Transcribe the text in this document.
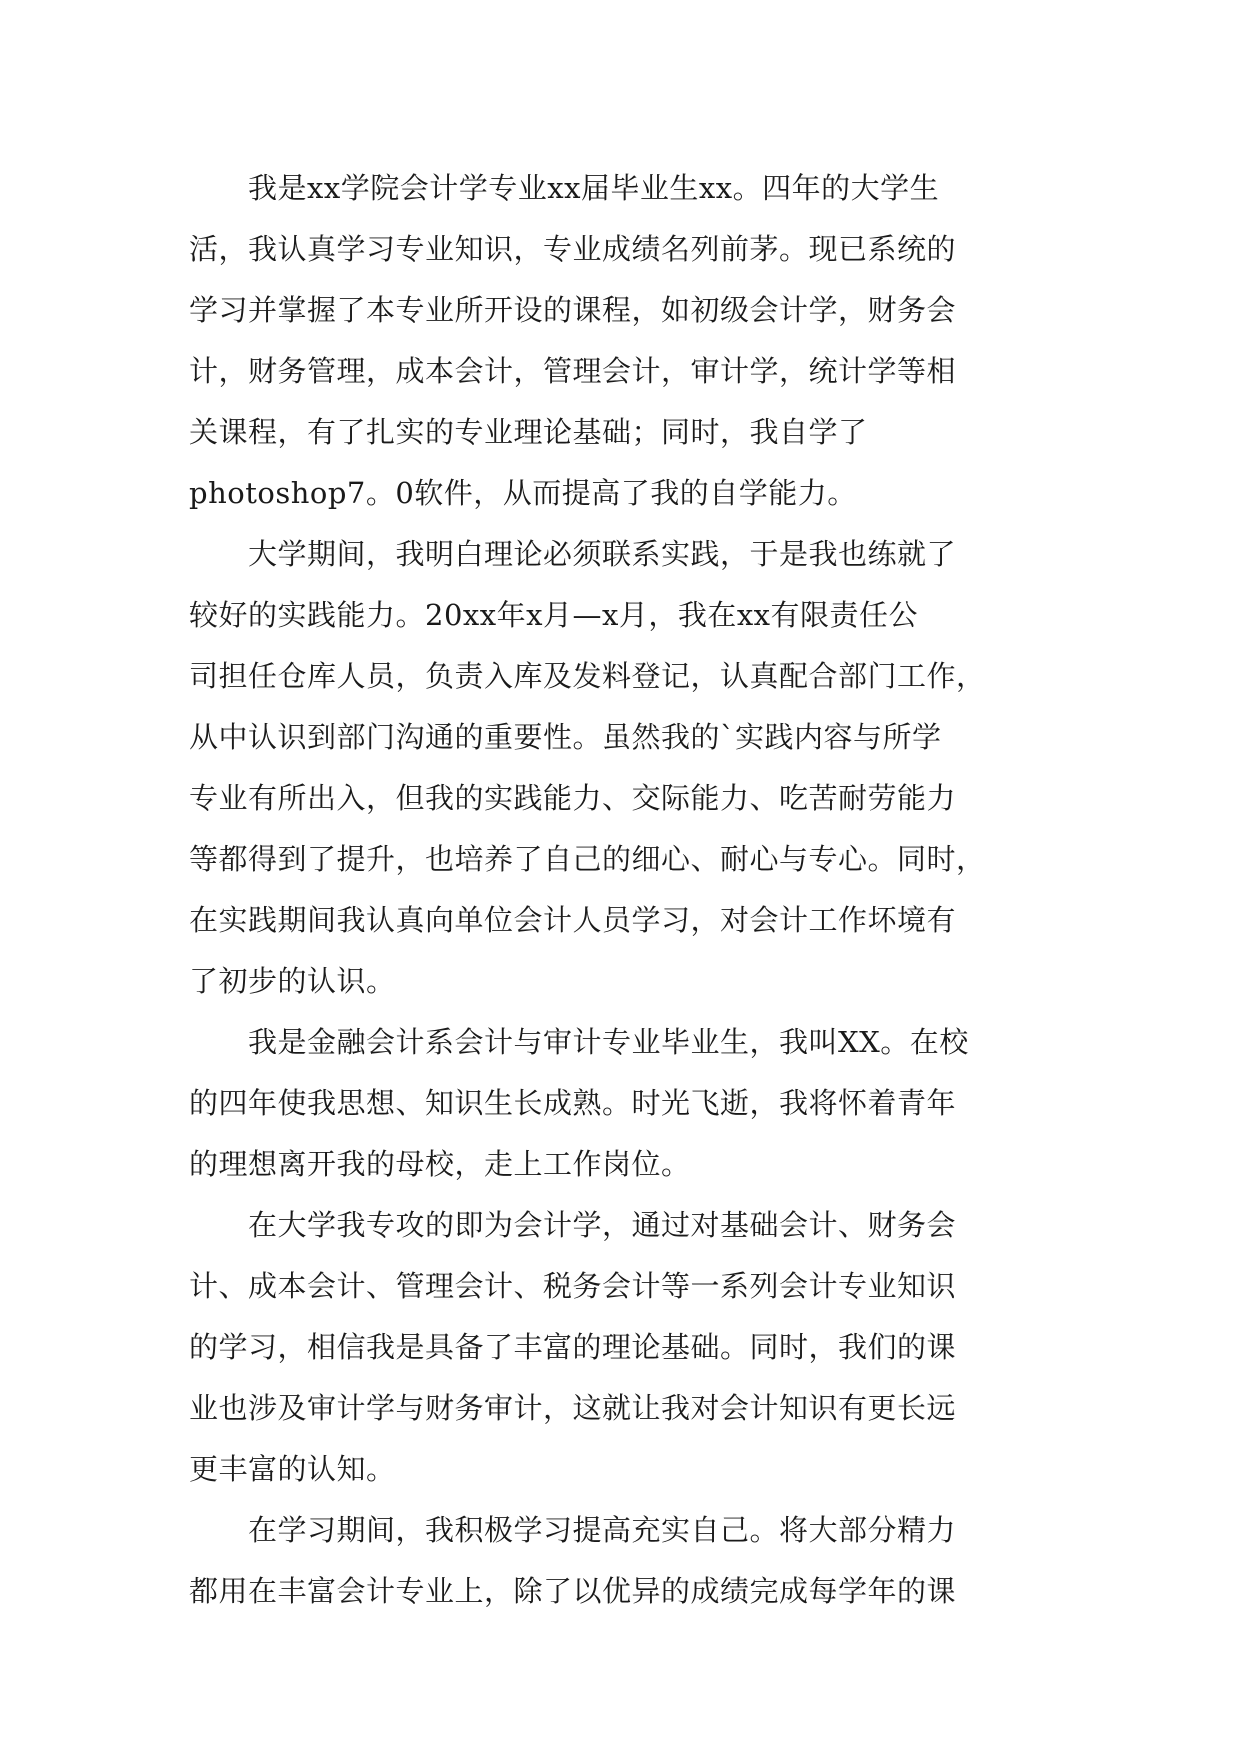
　　我是xx学院会计学专业xx届毕业生xx。四年的大学生
活，我认真学习专业知识，专业成绩名列前茅。现已系统的
学习并掌握了本专业所开设的课程，如初级会计学，财务会
计，财务管理，成本会计，管理会计，审计学，统计学等相
关课程，有了扎实的专业理论基础；同时，我自学了
photoshop7。0软件，从而提高了我的自学能力。
　　大学期间，我明白理论必须联系实践，于是我也练就了
较好的实践能力。20xx年x月—x月，我在xx有限责任公
司担任仓库人员，负责入库及发料登记，认真配合部门工作，
从中认识到部门沟通的重要性。虽然我的`实践内容与所学
专业有所出入，但我的实践能力、交际能力、吃苦耐劳能力
等都得到了提升，也培养了自己的细心、耐心与专心。同时，
在实践期间我认真向单位会计人员学习，对会计工作坏境有
了初步的认识。
　　我是金融会计系会计与审计专业毕业生，我叫XX。在校
的四年使我思想、知识生长成熟。时光飞逝，我将怀着青年
的理想离开我的母校，走上工作岗位。
　　在大学我专攻的即为会计学，通过对基础会计、财务会
计、成本会计、管理会计、税务会计等一系列会计专业知识
的学习，相信我是具备了丰富的理论基础。同时，我们的课
业也涉及审计学与财务审计，这就让我对会计知识有更长远
更丰富的认知。
　　在学习期间，我积极学习提高充实自己。将大部分精力
都用在丰富会计专业上，除了以优异的成绩完成每学年的课
